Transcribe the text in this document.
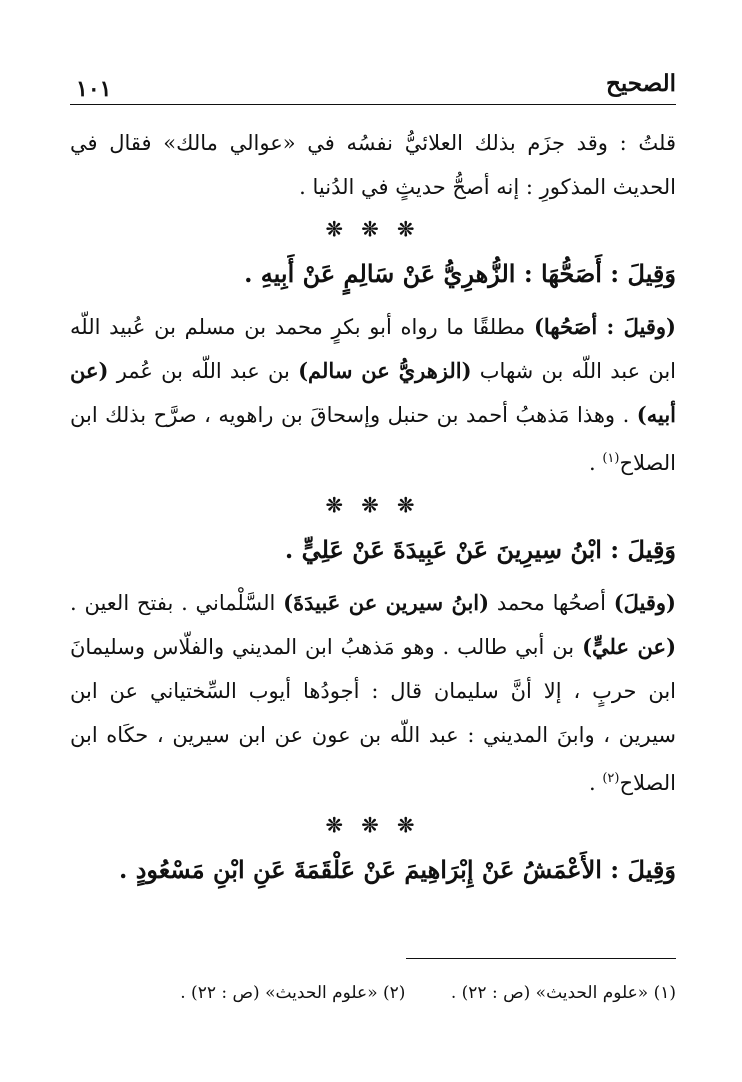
الصحيح
١٠١

قلتُ : وقد جزَم بذلك العلائيُّ نفسُه في «عوالي مالك» فقال في الحديث المذكورِ : إنه أصحُّ حديثٍ في الدُنيا .

❊ ❊ ❊
وَقِيلَ : أَصَحُّهَا : الزُّهرِيُّ عَنْ سَالِمٍ عَنْ أَبِيهِ .

(وقيلَ : أصَحُها) مطلقًا ما رواه أبو بكرٍ محمد بن مسلم بن عُبيد اللّه ابن عبد اللّه بن شهاب (الزهريُّ عن سالم) بن عبد اللّه بن عُمر (عن أبيه) . وهذا مَذهبُ أحمد بن حنبل وإسحاقَ بن راهويه ، صرَّح بذلك ابن الصلاح$^{(١)}$ .

❊ ❊ ❊
وَقِيلَ : ابْنُ سِيرِينَ عَنْ عَبِيدَةَ عَنْ عَلِيٍّ .

(وقيلَ) أصحُها محمد (ابنُ سيرين عن عَبيدَةَ) السَّلْماني . بفتح العين . (عن عليٍّ) بن أبي طالب . وهو مَذهبُ ابن المديني والفلّاس وسليمانَ ابن حربٍ ، إلا أنَّ سليمان قال : أجودُها أيوب السِّختياني عن ابن سيرين ، وابنَ المديني : عبد اللّه بن عون عن ابن سيرين ، حكَاه ابن الصلاح$^{(٢)}$ .

❊ ❊ ❊
وَقِيلَ : الأَعْمَشُ عَنْ إِبْرَاهِيمَ عَنْ عَلْقَمَةَ عَنِ ابْنِ مَسْعُودٍ .
(١) «علوم الحديث» (ص : ٢٢) . (٢) «علوم الحديث» (ص : ٢٢) .
